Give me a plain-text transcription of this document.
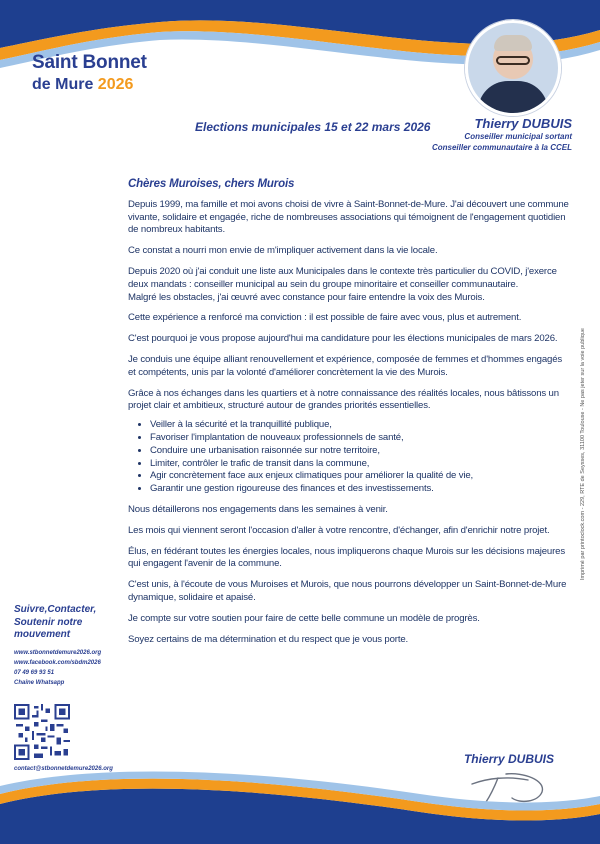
Saint Bonnet
de Mure 2026
Elections municipales 15 et 22 mars 2026	Thierry DUBUIS
Conseiller municipal sortant
Conseiller communautaire à la CCEL
Imprimé par printoclock.com - 229, RTE de Seysses, 31100 Toulouse - Ne pas jeter sur la voie publique
Chères Muroises, chers Murois

Depuis 1999, ma famille et moi avons choisi de vivre à Saint-Bonnet-de-Mure. J'ai découvert une commune vivante, solidaire et engagée, riche de nombreuses associations qui témoignent de l'engagement quotidien de nombreux habitants.

Ce constat a nourri mon envie de m'impliquer activement dans la vie locale.

Depuis 2020 où j'ai conduit une liste aux Municipales dans le contexte très particulier du COVID, j'exerce deux mandats : conseiller municipal au sein du groupe minoritaire et conseiller communautaire.
Malgré les obstacles, j'ai œuvré avec constance pour faire entendre la voix des Murois.

Cette expérience a renforcé ma conviction : il est possible de faire avec vous, plus et autrement.

C'est pourquoi je vous propose aujourd'hui ma candidature pour les élections municipales de mars 2026.

Je conduis une équipe alliant renouvellement et expérience, composée de femmes et d'hommes engagés et compétents, unis par la volonté d'améliorer concrètement la vie des Murois.

Grâce à nos échanges dans les quartiers et à notre connaissance des réalités locales, nous bâtissons un projet clair et ambitieux, structuré autour de grandes priorités essentielles.

• Veiller à la sécurité et la tranquillité publique,
• Favoriser l'implantation de nouveaux professionnels de santé,
• Conduire une urbanisation raisonnée sur notre territoire,
• Limiter, contrôler le trafic de transit dans la commune,
• Agir concrètement face aux enjeux climatiques pour améliorer la qualité de vie,
• Garantir une gestion rigoureuse des finances et des investissements.

Nous détaillerons nos engagements dans les semaines à venir.

Les mois qui viennent seront l'occasion d'aller à votre rencontre, d'échanger, afin d'enrichir notre projet.

Élus, en fédérant toutes les énergies locales, nous impliquerons chaque Murois sur les décisions majeures qui engagent l'avenir de la commune.

C'est unis, à l'écoute de vous Muroises et Murois, que nous pourrons développer un Saint-Bonnet-de-Mure dynamique, solidaire et apaisé.

Je compte sur votre soutien pour faire de cette belle commune un modèle de progrès.

Soyez certains de ma détermination et du respect que je vous porte.

Suivre,Contacter, Soutenir notre mouvement
www.stbonnetdemure2026.org
www.facebook.com/sbdm2026
07 49 69 93 51
Chaîne Whatsapp
contact@stbonnetdemure2026.org
Thierry DUBUIS
